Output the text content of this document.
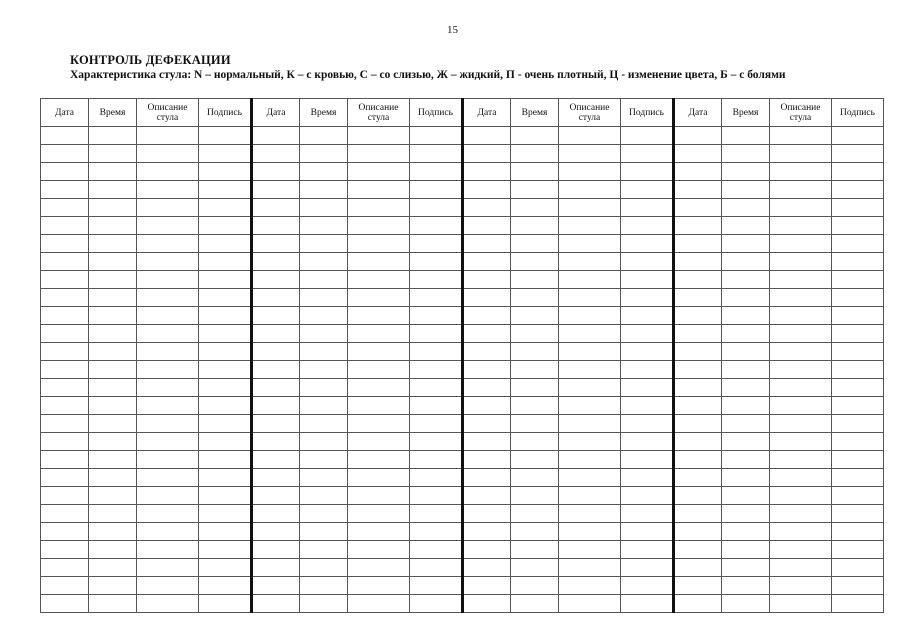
15
КОНТРОЛЬ ДЕФЕКАЦИИ
Характеристика стула: N – нормальный, К – с кровью, С – со слизью, Ж – жидкий, П - очень плотный, Ц - изменение цвета, Б – с болями
Дата	Время	Описание стула	Подпись	Дата	Время	Описание стула	Подпись	Дата	Время	Описание стула	Подпись	Дата	Время	Описание стула	Подпись
